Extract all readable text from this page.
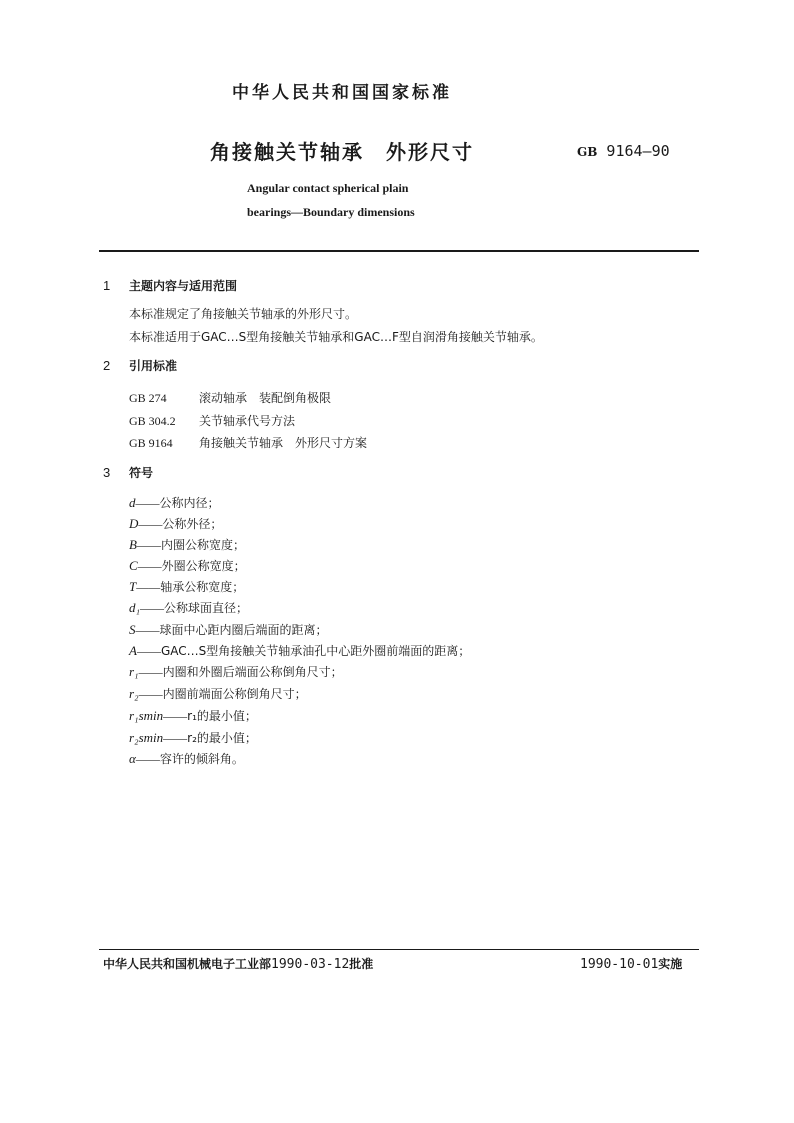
中华人民共和国国家标准
角接触关节轴承　外形尺寸	GB 9164—90
Angular contact spherical plain
bearings—Boundary dimensions
1 主题内容与适用范围
本标准规定了角接触关节轴承的外形尺寸。
本标准适用于GAC…S型角接触关节轴承和GAC…F型自润滑角接触关节轴承。
2 引用标准
GB 274	滚动轴承　装配倒角极限
GB 304.2 关节轴承代号方法
GB 9164 角接触关节轴承　外形尺寸方案
3 符号
d——公称内径；
D——公称外径；
B——内圈公称宽度；
C——外圈公称宽度；
T——轴承公称宽度；
d₁——公称球面直径；
S——球面中心距内圈后端面的距离；
A——GAC…S型角接触关节轴承油孔中心距外圈前端面的距离；
r₁——内圈和外圈后端面公称倒角尺寸；
r₂——内圈前端面公称倒角尺寸；
r₁smin——r₁的最小值；
r₂smin——r₂的最小值；
α——容许的倾斜角。
中华人民共和国机械电子工业部1990-03-12批准	1990-10-01实施
